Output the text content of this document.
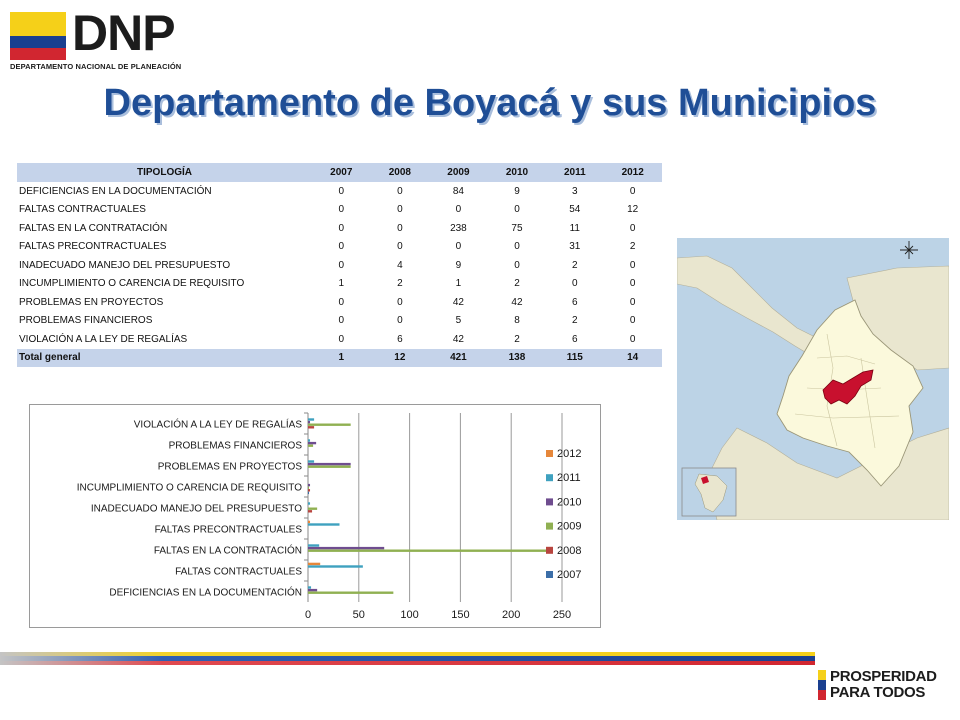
DNP
DEPARTAMENTO NACIONAL DE PLANEACIÓN
Departamento de Boyacá y sus Municipios
TIPOLOGÍA	2007	2008	2009	2010	2011	2012
DEFICIENCIAS EN LA DOCUMENTACIÓN	0	0	84	9	3	0
FALTAS CONTRACTUALES	0	0	0	0	54	12
FALTAS EN LA CONTRATACIÓN	0	0	238	75	11	0
FALTAS PRECONTRACTUALES	0	0	0	0	31	2
INADECUADO MANEJO DEL PRESUPUESTO	0	4	9	0	2	0
INCUMPLIMIENTO O CARENCIA DE REQUISITO	1	2	1	2	0	0
PROBLEMAS EN PROYECTOS	0	0	42	42	6	0
PROBLEMAS FINANCIEROS	0	0	5	8	2	0
VIOLACIÓN A LA LEY DE REGALÍAS	0	6	42	2	6	0
Total general	1	12	421	138	115	14
0	50	100	150	200	250
DEFICIENCIAS EN LA DOCUMENTACIÓN
FALTAS CONTRACTUALES
FALTAS EN LA CONTRATACIÓN
FALTAS PRECONTRACTUALES
INADECUADO MANEJO DEL PRESUPUESTO
INCUMPLIMIENTO O CARENCIA DE REQUISITO
PROBLEMAS EN PROYECTOS
PROBLEMAS FINANCIEROS
VIOLACIÓN A LA LEY DE REGALÍAS
2012
2011
2010
2009
2008
2007
PROSPERIDAD
PARA TODOS
